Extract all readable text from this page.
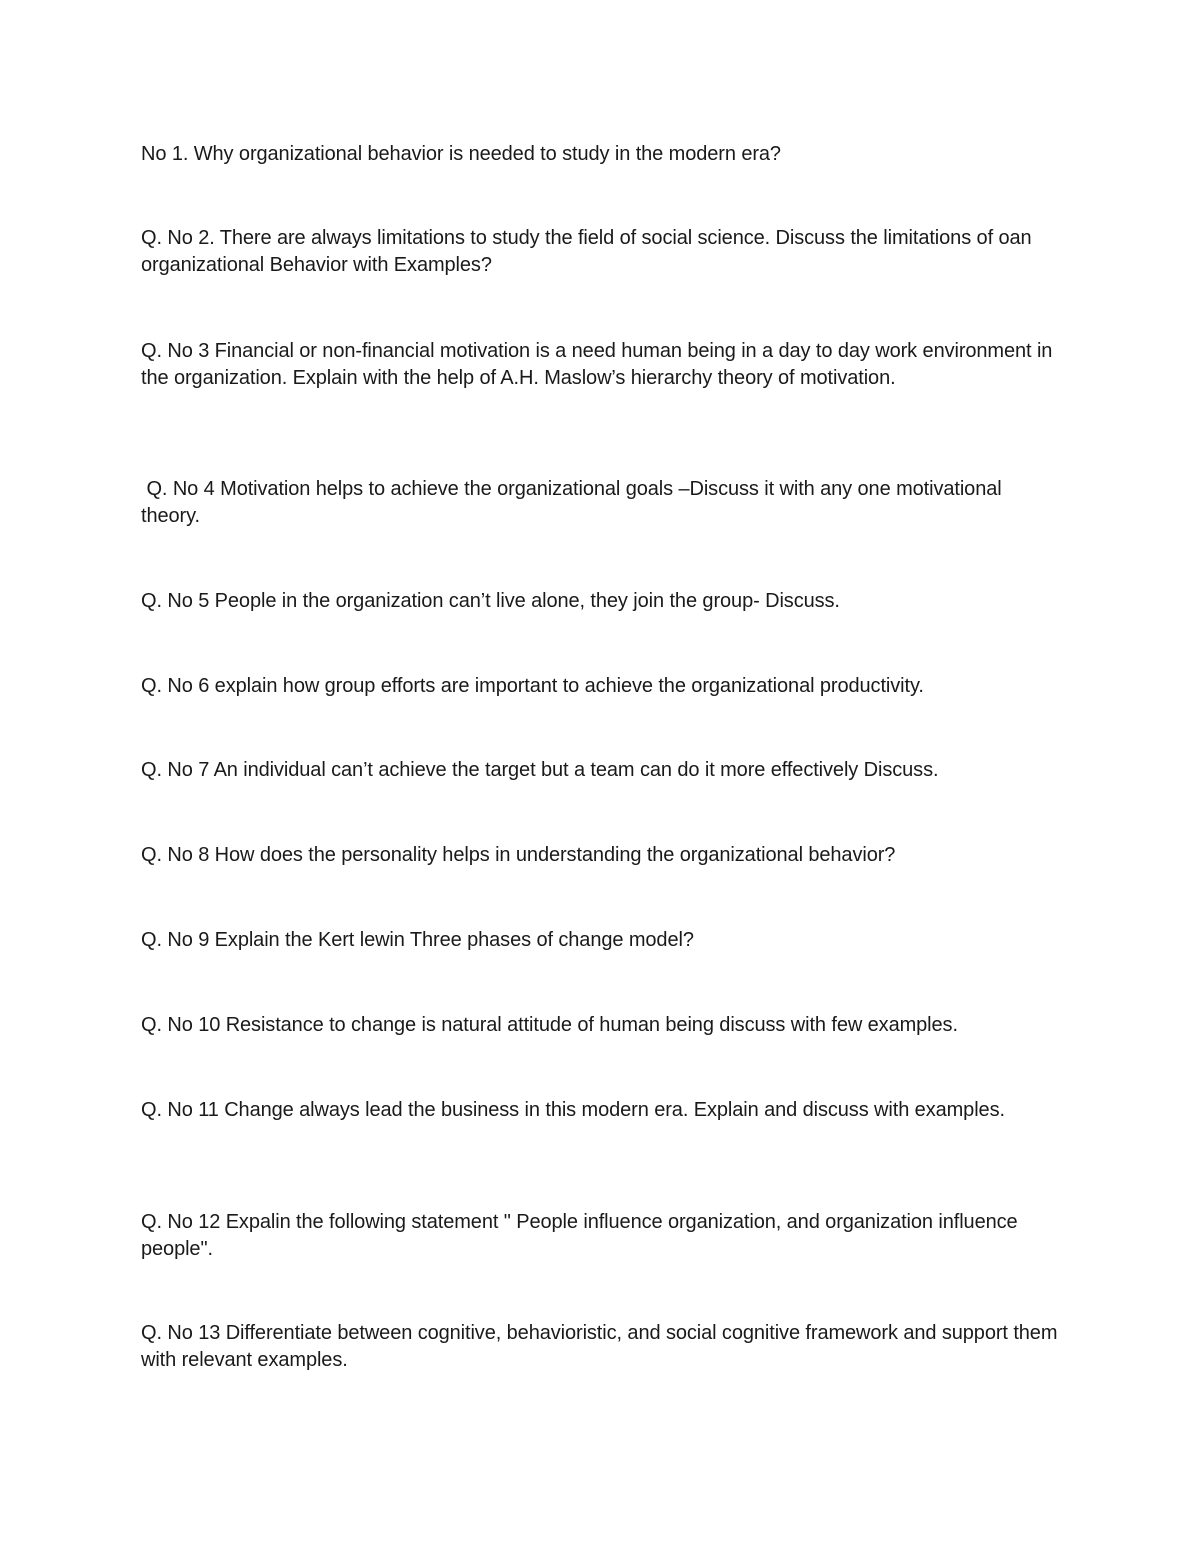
No 1. Why organizational behavior is needed to study in the modern era?

Q. No 2. There are always limitations to study the field of social science. Discuss the limitations of oan organizational Behavior with Examples?

Q. No 3 Financial or non-financial motivation is a need human being in a day to day work environment in the organization. Explain with the help of A.H. Maslow’s hierarchy theory of motivation.

Q. No 4 Motivation helps to achieve the organizational goals –Discuss it with any one motivational theory.

Q. No 5 People in the organization can’t live alone, they join the group- Discuss.

Q. No 6 explain how group efforts are important to achieve the organizational productivity.

Q. No 7 An individual can’t achieve the target but a team can do it more effectively Discuss.

Q. No 8 How does the personality helps in understanding the organizational behavior?

Q. No 9 Explain the Kert lewin Three phases of change model?

Q. No 10 Resistance to change is natural attitude of human being discuss with few examples.

Q. No 11 Change always lead the business in this modern era. Explain and discuss with examples.

Q. No 12 Expalin the following statement " People influence organization, and organization influence people".

Q. No 13 Differentiate between cognitive, behavioristic, and social cognitive framework and support them with relevant examples.
